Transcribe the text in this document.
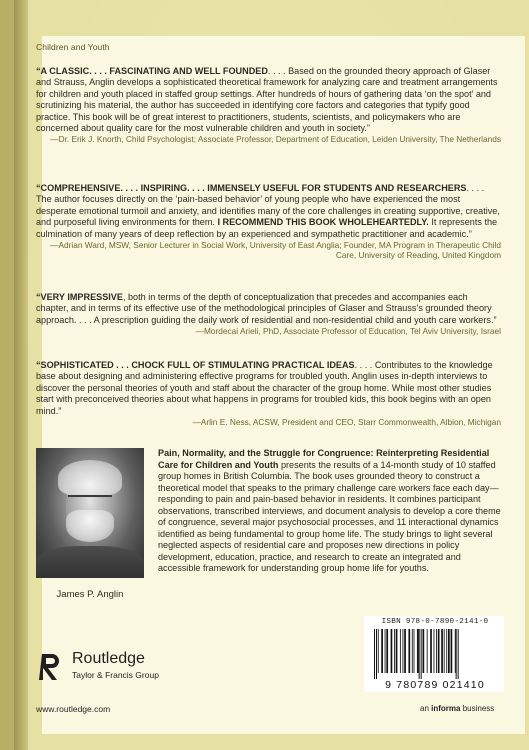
Children and Youth
“A CLASSIC. . . . FASCINATING AND WELL FOUNDED. . . . Based on the grounded theory approach of Glaser and Strauss, Anglin develops a sophisticated theoretical framework for analyzing care and treatment arrangements for children and youth placed in staffed group settings. After hundreds of hours of gathering data ‘on the spot’ and scrutinizing his material, the author has succeeded in identifying core factors and categories that typify good practice. This book will be of great interest to practitioners, students, scientists, and policymakers who are concerned about quality care for the most vulnerable children and youth in society.”
—Dr. Erik J. Knorth, Child Psychologist; Associate Professor, Department of Education, Leiden University, The Netherlands
“COMPREHENSIVE. . . . INSPIRING. . . . IMMENSELY USEFUL FOR STUDENTS AND RESEARCHERS. . . . The author focuses directly on the ‘pain-based behavior’ of young people who have experienced the most desperate emotional turmoil and anxiety, and identifies many of the core challenges in creating supportive, creative, and purposeful living environments for them. I RECOMMEND THIS BOOK WHOLEHEARTEDLY. It represents the culmination of many years of deep reflection by an experienced and sympathetic practitioner and academic.”
—Adrian Ward, MSW, Senior Lecturer in Social Work, University of East Anglia; Founder, MA Program in Therapeutic Child Care, University of Reading, United Kingdom
“VERY IMPRESSIVE, both in terms of the depth of conceptualization that precedes and accompanies each chapter, and in terms of its effective use of the methodological principles of Glaser and Strauss’s grounded theory approach. . . . A prescription guiding the daily work of residential and non-residential child and youth care workers.”
—Mordecai Arieli, PhD, Associate Professor of Education, Tel Aviv University, Israel
“SOPHISTICATED . . . CHOCK FULL OF STIMULATING PRACTICAL IDEAS. . . . Contributes to the knowledge base about designing and administering effective programs for troubled youth. Anglin uses in-depth interviews to discover the personal theories of youth and staff about the character of the group home. While most other studies start with preconceived theories about what happens in programs for troubled kids, this book begins with an open mind.”
—Arlin E. Ness, ACSW, President and CEO, Starr Commonwealth, Albion, Michigan
James P. Anglin
Pain, Normality, and the Struggle for Congruence: Reinterpreting Residential Care for Children and Youth presents the results of a 14-month study of 10 staffed group homes in British Columbia. The book uses grounded theory to construct a theoretical model that speaks to the primary challenge care workers face each day—responding to pain and pain-based behavior in residents. It combines participant observations, transcribed interviews, and document analysis to develop a core theme of congruence, several major psychosocial processes, and 11 interactional dynamics identified as being fundamental to group home life. The study brings to light several neglected aspects of residential care and proposes new directions in policy development, education, practice, and research to create an integrated and accessible framework for understanding group home life for youths.
ISBN 978-0-7890-2141-0
9 780789 021410
Routledge
Taylor & Francis Group
www.routledge.com	an informa business
